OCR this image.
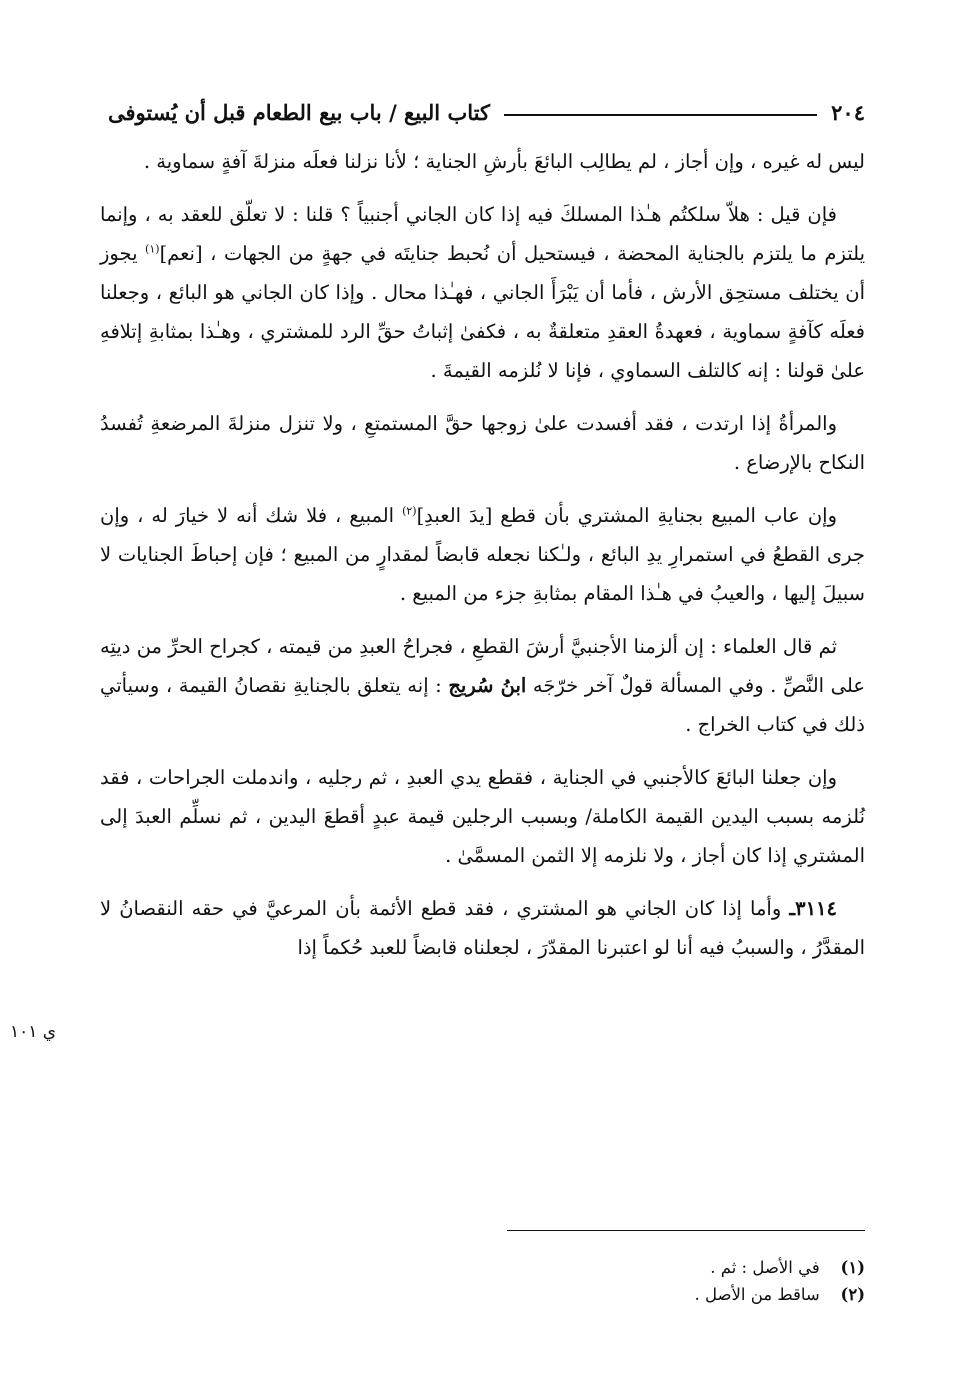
٢٠٤
كتاب البيع / باب بيع الطعام قبل أن يُستوفى
ي ١٠١

ليس له غيره ، وإن أجاز ، لم يطالِب البائعَ بأرشِ الجناية ؛ لأنا نزلنا فعلَه منزلةَ آفةٍ سماوية .

فإن قيل : هلاّ سلكتُم هـٰذا المسلكَ فيه إذا كان الجاني أجنبياً ؟ قلنا : لا تعلّق للعقد به ، وإنما يلتزم ما يلتزم بالجناية المحضة ، فيستحيل أن نُحبط جنايتَه في جهةٍ من الجهات ، [نعم]$^{(١)}$ يجوز أن يختلف مستحِق الأرش ، فأما أن يَبْرَأَ الجاني ، فهـٰذا محال . وإذا كان الجاني هو البائع ، وجعلنا فعلَه كآفةٍ سماوية ، فعهدةُ العقدِ متعلقةٌ به ، فكفىٰ إثباتُ حقِّ الرد للمشتري ، وهـٰذا بمثابةِ إتلافهِ علىٰ قولنا : إنه كالتلف السماوي ، فإنا لا نُلزمه القيمةَ .

والمرأةُ إذا ارتدت ، فقد أفسدت علىٰ زوجها حقَّ المستمتعِ ، ولا تنزل منزلةَ المرضعةِ تُفسدُ النكاح بالإرضاع .

وإن عاب المبيع بجنايةِ المشتري بأن قطع [يدَ العبدِ]$^{(٢)}$ المبيع ، فلا شك أنه لا خيارَ له ، وإن جرى القطعُ في استمرارِ يدِ البائع ، ولـٰكنا نجعله قابضاً لمقدارٍ من المبيع ؛ فإن إحباطَ الجنايات لا سبيلَ إليها ، والعيبُ في هـٰذا المقام بمثابةِ جزء من المبيع .

ثم قال العلماء : إن ألزمنا الأجنبيَّ أرشَ القطعِ ، فجراحُ العبدِ من قيمته ، كجراح الحرِّ من ديتِه على النَّصِّ . وفي المسألة قولٌ آخر خرّجَه ابنُ سُريج : إنه يتعلق بالجنايةِ نقصانُ القيمة ، وسيأتي ذلك في كتاب الخراج .

وإن جعلنا البائعَ كالأجنبي في الجناية ، فقطع يدي العبدِ ، ثم رجليه ، واندملت الجراحات ، فقد نُلزمه بسبب اليدين القيمة الكاملة/ وبسبب الرجلين قيمة عبدٍ أقطعَ اليدين ، ثم نسلِّم العبدَ إلى المشتري إذا كان أجاز ، ولا نلزمه إلا الثمن المسمَّىٰ .

٣١١٤ـ وأما إذا كان الجاني هو المشتري ، فقد قطع الأئمة بأن المرعيَّ في حقه النقصانُ لا المقدَّرُ ، والسببُ فيه أنا لو اعتبرنا المقدّرَ ، لجعلناه قابضاً للعبد حُكماً إذا

(١) في الأصل : ثم .
(٢) ساقط من الأصل .
